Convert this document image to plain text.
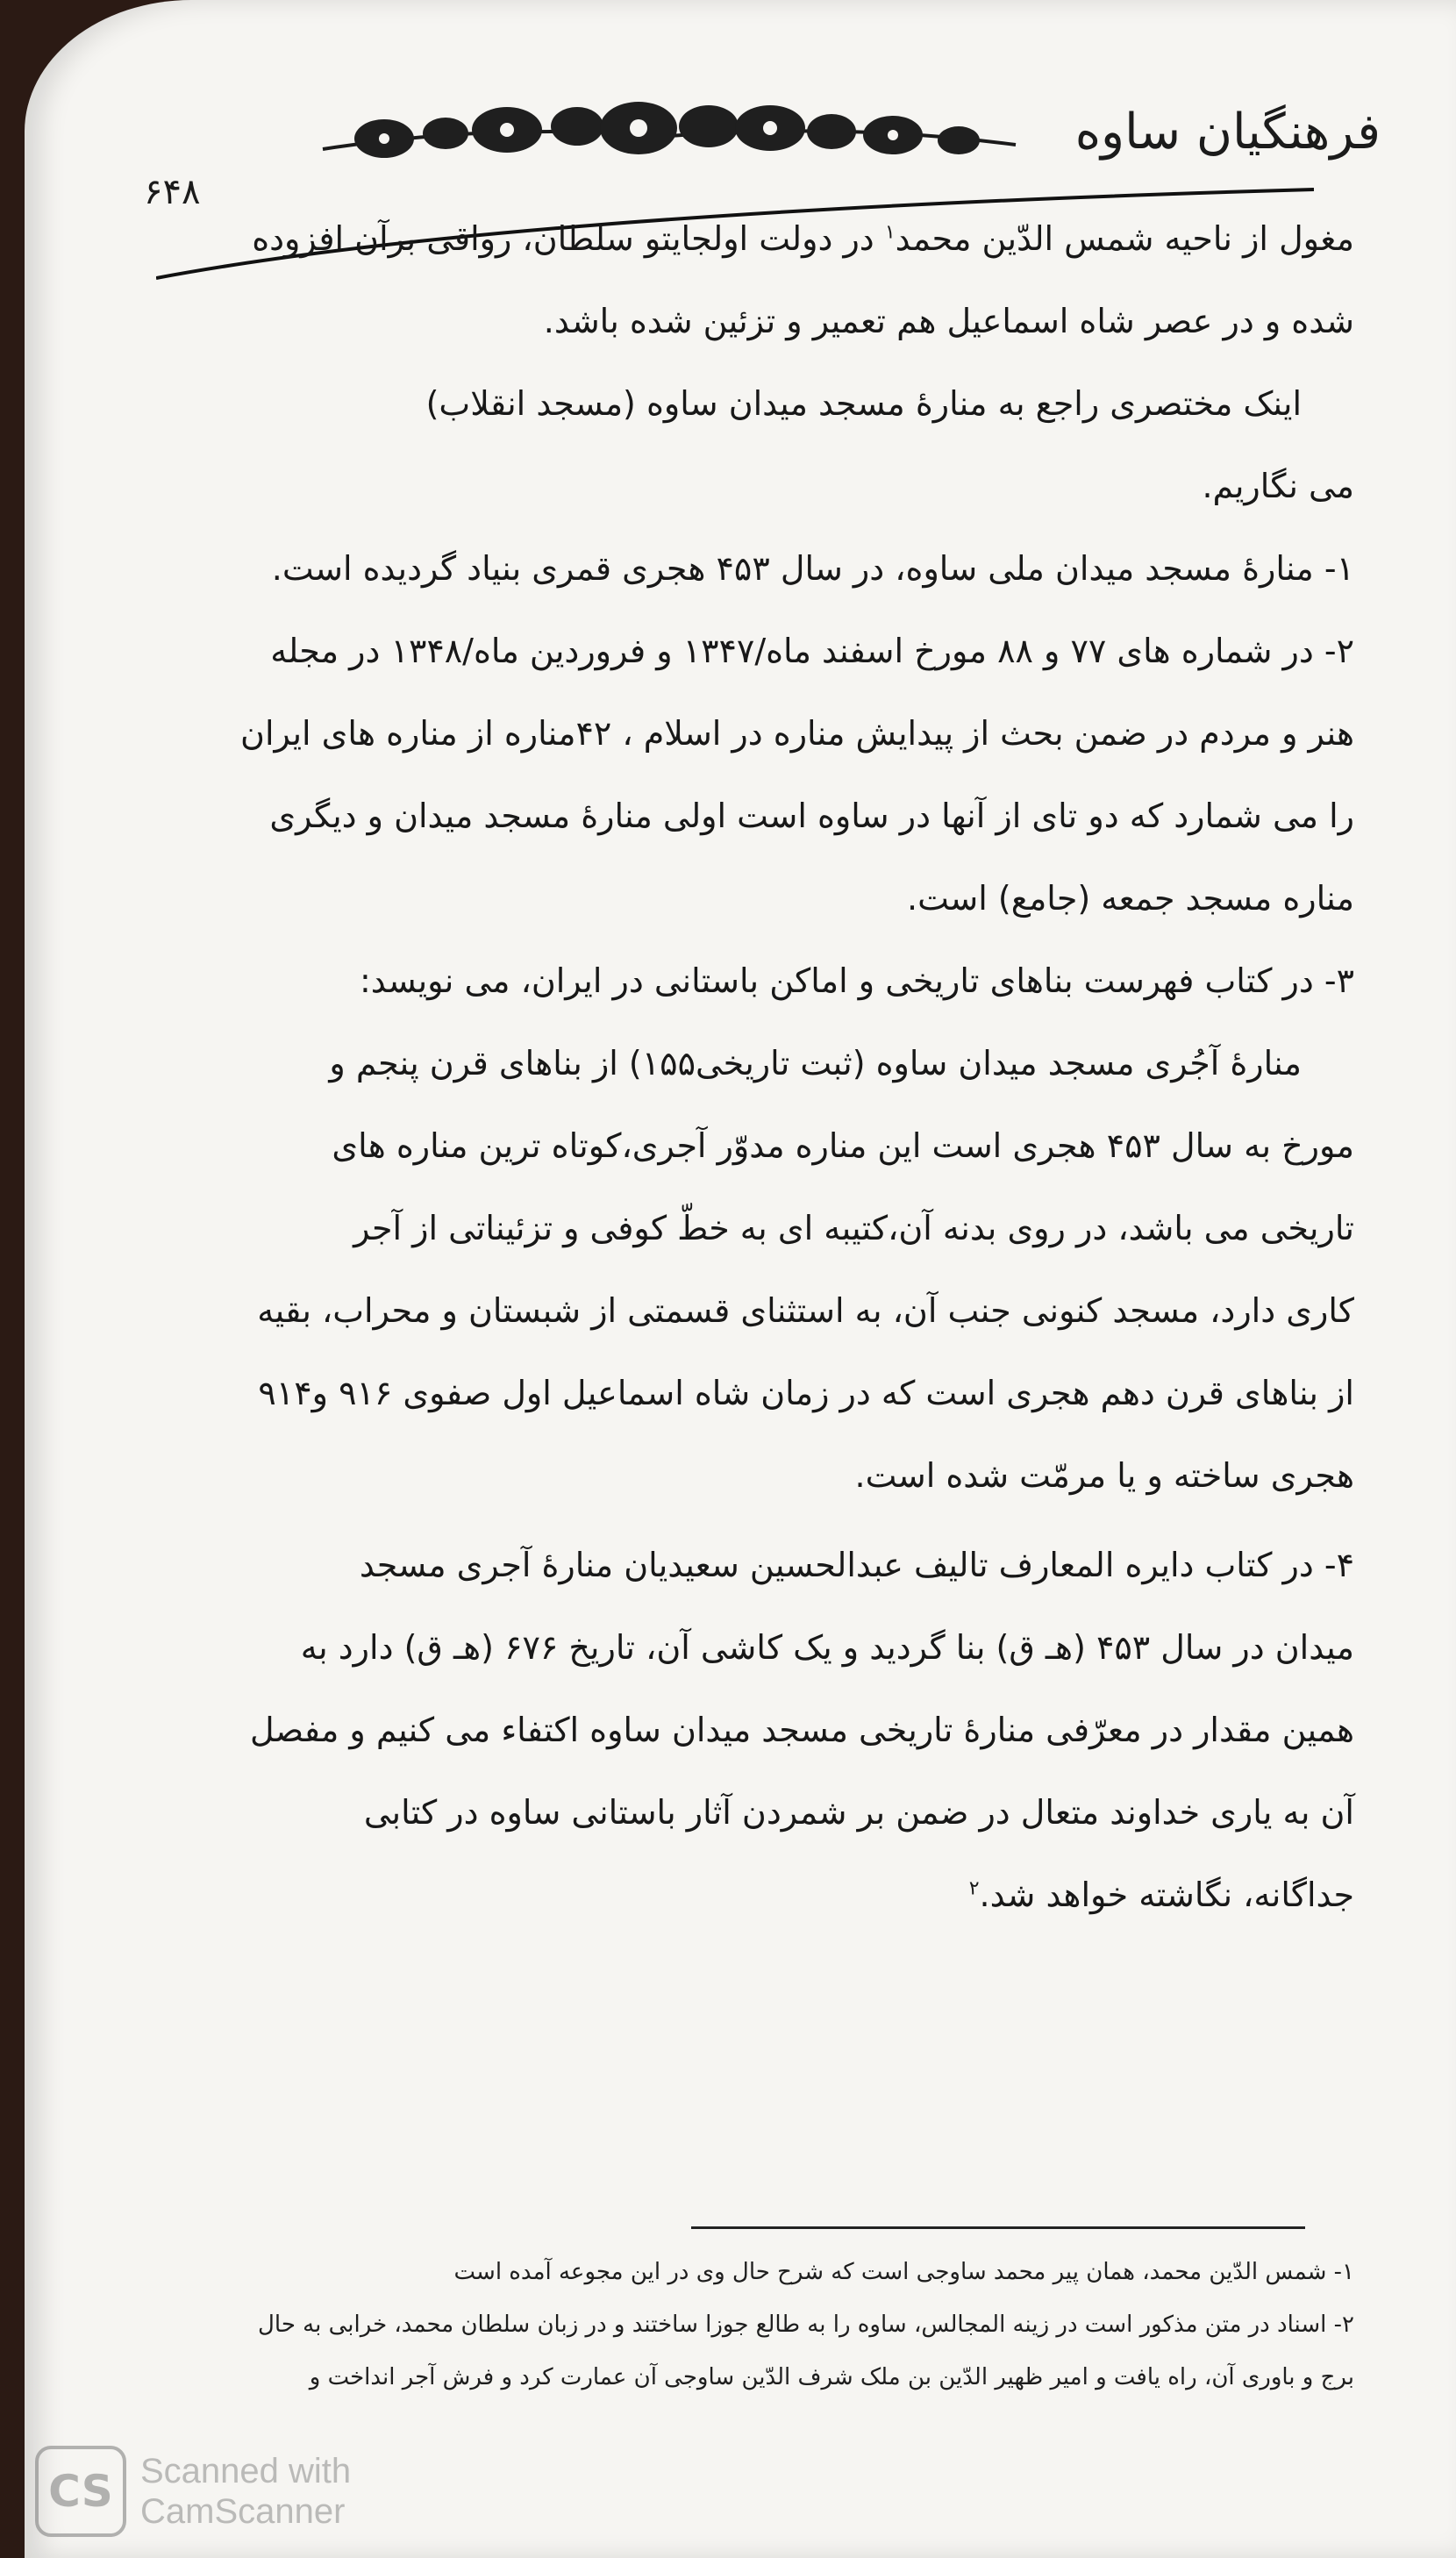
فرهنگیان ساوه
۶۴۸

مغول از ناحیه شمس الدّین محمد$^۱$ در دولت اولجایتو سلطان، رواقی برآن افزوده

شده و در عصر شاه اسماعیل هم تعمیر و تزئین شده باشد.

اینک مختصری راجع به منارهٔ مسجد میدان ساوه (مسجد انقلاب)

می نگاریم.

۱- منارهٔ مسجد میدان ملی ساوه، در سال ۴۵۳ هجری قمری بنیاد گردیده است.

۲- در شماره های ۷۷ و ۸۸ مورخ اسفند ماه/۱۳۴۷ و فروردین ماه/۱۳۴۸ در مجله

هنر و مردم در ضمن بحث از پیدایش مناره در اسلام ، ۴۲مناره از مناره های ایران

را می شمارد که دو تای از آنها در ساوه است اولی منارهٔ مسجد میدان و دیگری

مناره مسجد جمعه (جامع) است.

۳- در کتاب فهرست بناهای تاریخی و اماکن باستانی در ایران، می نویسد:

منارهٔ آجُری مسجد میدان ساوه (ثبت تاریخی۱۵۵) از بناهای قرن پنجم و

مورخ به سال ۴۵۳ هجری است این مناره مدوّر آجری،کوتاه ترین مناره های

تاریخی می باشد، در روی بدنه آن،کتیبه ای به خطّ کوفی و تزئیناتی از آجر

کاری دارد، مسجد کنونی جنب آن، به استثنای قسمتی از شبستان و محراب، بقیه

از بناهای قرن دهم هجری است که در زمان شاه اسماعیل اول صفوی ۹۱۶ و۹۱۴

هجری ساخته و یا مرمّت شده است.

۴- در کتاب دایره المعارف تالیف عبدالحسین سعیدیان منارهٔ آجری مسجد

میدان در سال ۴۵۳ (هـ ق) بنا گردید و یک کاشی آن، تاریخ ۶۷۶ (هـ ق) دارد به

همین مقدار در معرّفی منارهٔ تاریخی مسجد میدان ساوه اکتفاء می کنیم و مفصل

آن به یاری خداوند متعال در ضمن بر شمردن آثار باستانی ساوه در کتابی

جداگانه، نگاشته خواهد شد.$^۲$

۱- شمس الدّین محمد، همان پیر محمد ساوجی است که شرح حال وی در این مجوعه آمده است

۲- اسناد در متن مذکور است در زینه المجالس، ساوه را به طالع جوزا ساختند و در زبان سلطان محمد، خرابی به حال

برج و باوری آن، راه یافت و امیر ظهیر الدّین بن ملک شرف الدّین ساوجی آن عمارت کرد و فرش آجر انداخت و

CS Scanned with
CamScanner
